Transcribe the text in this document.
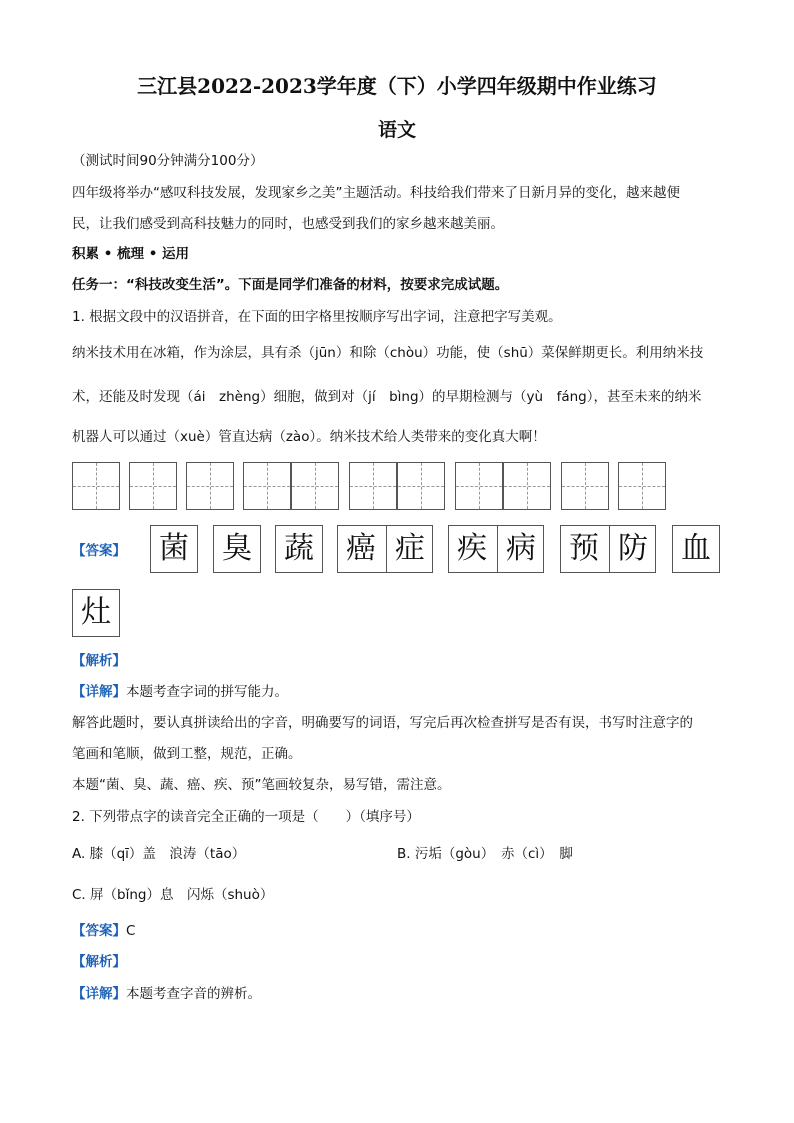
三江县2022-2023学年度（下）小学四年级期中作业练习
语文
（测试时间90分钟满分100分）
四年级将举办“感叹科技发展，发现家乡之美”主题活动。科技给我们带来了日新月异的变化，越来越便
民，让我们感受到高科技魅力的同时，也感受到我们的家乡越来越美丽。
积累 • 梳理 • 运用
任务一：“科技改变生活”。下面是同学们准备的材料，按要求完成试题。
1. 根据文段中的汉语拼音，在下面的田字格里按顺序写出字词，注意把字写美观。
纳米技术用在冰箱，作为涂层，具有杀（jūn）和除（chòu）功能，使（shū）菜保鲜期更长。利用纳米技
术，还能及时发现（ái　zhèng）细胞，做到对（jí　bìng）的早期检测与（yù　fáng），甚至未来的纳米
机器人可以通过（xuè）管直达病（zào）。纳米技术给人类带来的变化真大啊！
【答案】 菌 臭 蔬 癌 症 疾 病 预 防 血
灶
【解析】
【详解】本题考查字词的拼写能力。
解答此题时，要认真拼读给出的字音，明确要写的词语，写完后再次检查拼写是否有误，书写时注意字的
笔画和笔顺，做到工整，规范，正确。
本题“菌、臭、蔬、癌、疾、预”笔画较复杂，易写错，需注意。
2. 下列带点字的读音完全正确的一项是（　　）（填序号）
A. 膝（qī）盖　浪涛（tāo）	B. 污垢（gòu）　赤（cì）　脚
C. 屏（bǐng）息　闪烁（shuò）
【答案】C
【解析】
【详解】本题考查字音的辨析。
